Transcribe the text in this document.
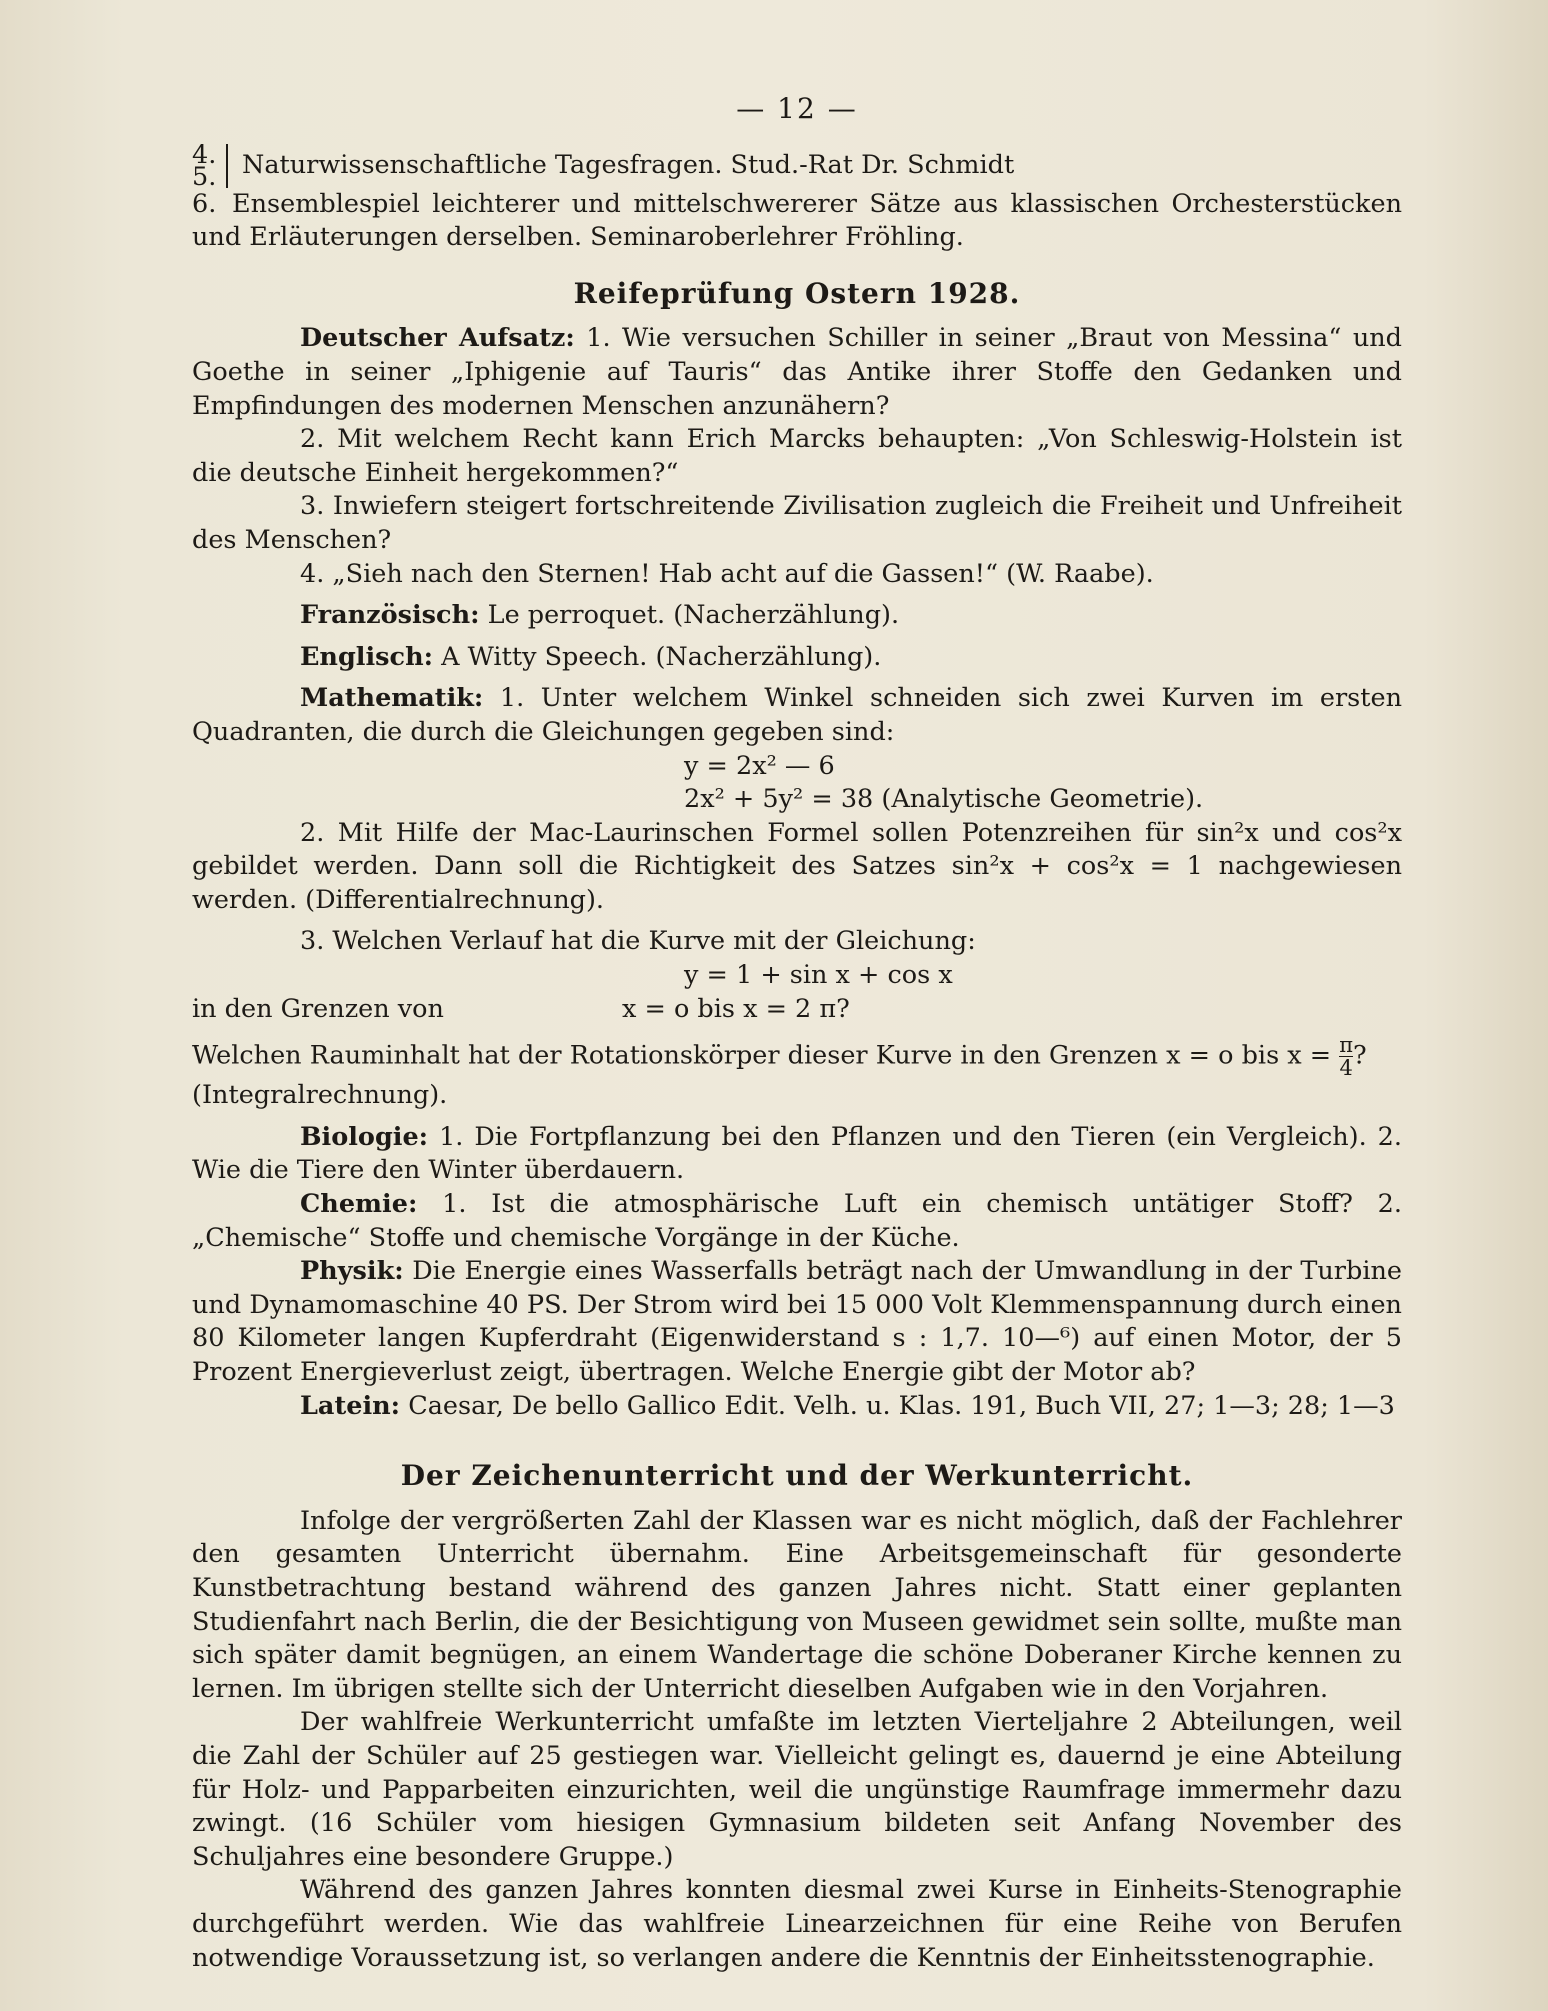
— 12 —

4.
5. Naturwissenschaftliche Tagesfragen. Stud.-Rat Dr. Schmidt

6. Ensemblespiel leichterer und mittelschwererer Sätze aus klassischen Orchesterstücken und Erläuterungen derselben. Seminaroberlehrer Fröhling.

Reifeprüfung Ostern 1928.

Deutscher Aufsatz: 1. Wie versuchen Schiller in seiner „Braut von Messina“ und Goethe in seiner „Iphigenie auf Tauris“ das Antike ihrer Stoffe den Gedanken und Empfindungen des modernen Menschen anzunähern?

2. Mit welchem Recht kann Erich Marcks behaupten: „Von Schleswig-Holstein ist die deutsche Einheit hergekommen?“

3. Inwiefern steigert fortschreitende Zivilisation zugleich die Freiheit und Unfreiheit des Menschen?

4. „Sieh nach den Sternen! Hab acht auf die Gassen!“ (W. Raabe).

Französisch: Le perroquet. (Nacherzählung).

Englisch: A Witty Speech. (Nacherzählung).

Mathematik: 1. Unter welchem Winkel schneiden sich zwei Kurven im ersten Quadranten, die durch die Gleichungen gegeben sind:

y = 2x² — 6

2x² + 5y² = 38 (Analytische Geometrie).

2. Mit Hilfe der Mac-Laurinschen Formel sollen Potenzreihen für sin²x und cos²x gebildet werden. Dann soll die Richtigkeit des Satzes sin²x + cos²x = 1 nachgewiesen werden. (Differentialrechnung).

3. Welchen Verlauf hat die Kurve mit der Gleichung:

y = 1 + sin x + cos x

in den Grenzen von	x = o bis x = 2 π?

Welchen Rauminhalt hat der Rotationskörper dieser Kurve in den Grenzen x = o bis $x = \frac{\pi}{4}$ ?

(Integralrechnung).

Biologie: 1. Die Fortpflanzung bei den Pflanzen und den Tieren (ein Vergleich). 2. Wie die Tiere den Winter überdauern.

Chemie: 1. Ist die atmosphärische Luft ein chemisch untätiger Stoff? 2. „Chemische“ Stoffe und chemische Vorgänge in der Küche.

Physik: Die Energie eines Wasserfalls beträgt nach der Umwandlung in der Turbine und Dynamomaschine 40 PS. Der Strom wird bei 15 000 Volt Klemmenspannung durch einen 80 Kilometer langen Kupferdraht (Eigenwiderstand s : 1,7. 10—⁶) auf einen Motor, der 5 Prozent Energieverlust zeigt, übertragen. Welche Energie gibt der Motor ab?

Latein: Caesar, De bello Gallico Edit. Velh. u. Klas. 191, Buch VII, 27; 1—3; 28; 1—3

Der Zeichenunterricht und der Werkunterricht.

Infolge der vergrößerten Zahl der Klassen war es nicht möglich, daß der Fachlehrer den gesamten Unterricht übernahm. Eine Arbeitsgemeinschaft für gesonderte Kunstbetrachtung bestand während des ganzen Jahres nicht. Statt einer geplanten Studienfahrt nach Berlin, die der Besichtigung von Museen gewidmet sein sollte, mußte man sich später damit begnügen, an einem Wandertage die schöne Doberaner Kirche kennen zu lernen. Im übrigen stellte sich der Unterricht dieselben Aufgaben wie in den Vorjahren.

Der wahlfreie Werkunterricht umfaßte im letzten Vierteljahre 2 Abteilungen, weil die Zahl der Schüler auf 25 gestiegen war. Vielleicht gelingt es, dauernd je eine Abteilung für Holz- und Papparbeiten einzurichten, weil die ungünstige Raumfrage immermehr dazu zwingt. (16 Schüler vom hiesigen Gymnasium bildeten seit Anfang November des Schuljahres eine besondere Gruppe.)

Während des ganzen Jahres konnten diesmal zwei Kurse in Einheits-Stenographie durchgeführt werden. Wie das wahlfreie Linearzeichnen für eine Reihe von Berufen notwendige Voraussetzung ist, so verlangen andere die Kenntnis der Einheitsstenographie.
